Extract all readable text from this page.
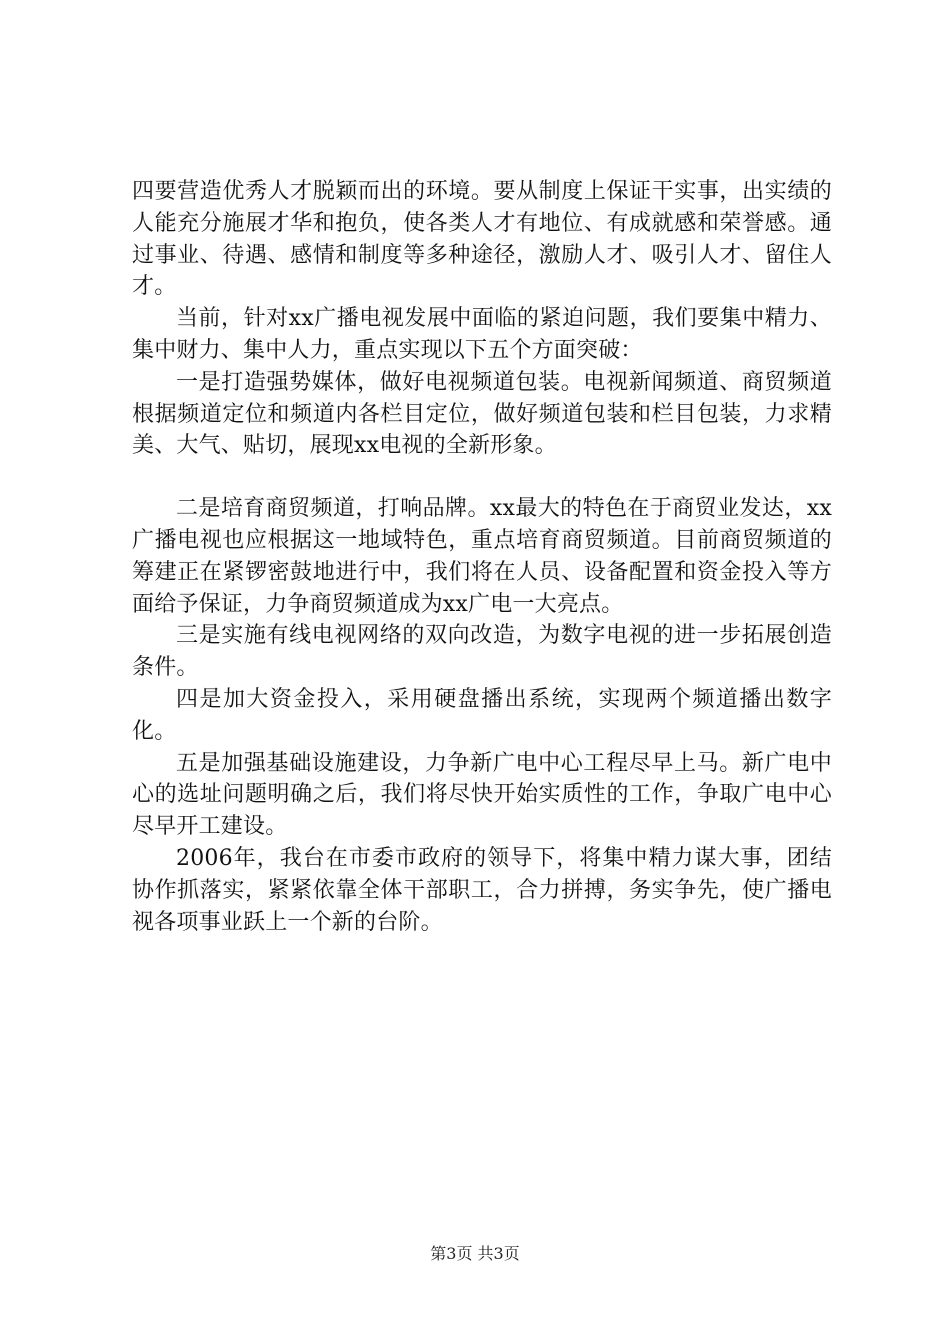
四要营造优秀人才脱颖而出的环境。要从制度上保证干实事，出实绩的人能充分施展才华和抱负，使各类人才有地位、有成就感和荣誉感。通过事业、待遇、感情和制度等多种途径，激励人才、吸引人才、留住人才。

当前，针对xx广播电视发展中面临的紧迫问题，我们要集中精力、集中财力、集中人力，重点实现以下五个方面突破：

一是打造强势媒体，做好电视频道包装。电视新闻频道、商贸频道根据频道定位和频道内各栏目定位，做好频道包装和栏目包装，力求精美、大气、贴切，展现xx电视的全新形象。

二是培育商贸频道，打响品牌。xx最大的特色在于商贸业发达，xx广播电视也应根据这一地域特色，重点培育商贸频道。目前商贸频道的筹建正在紧锣密鼓地进行中，我们将在人员、设备配置和资金投入等方面给予保证，力争商贸频道成为xx广电一大亮点。

三是实施有线电视网络的双向改造，为数字电视的进一步拓展创造条件。

四是加大资金投入，采用硬盘播出系统，实现两个频道播出数字化。

五是加强基础设施建设，力争新广电中心工程尽早上马。新广电中心的选址问题明确之后，我们将尽快开始实质性的工作，争取广电中心尽早开工建设。

2006年，我台在市委市政府的领导下，将集中精力谋大事，团结协作抓落实，紧紧依靠全体干部职工，合力拼搏，务实争先，使广播电视各项事业跃上一个新的台阶。

第3页 共3页
